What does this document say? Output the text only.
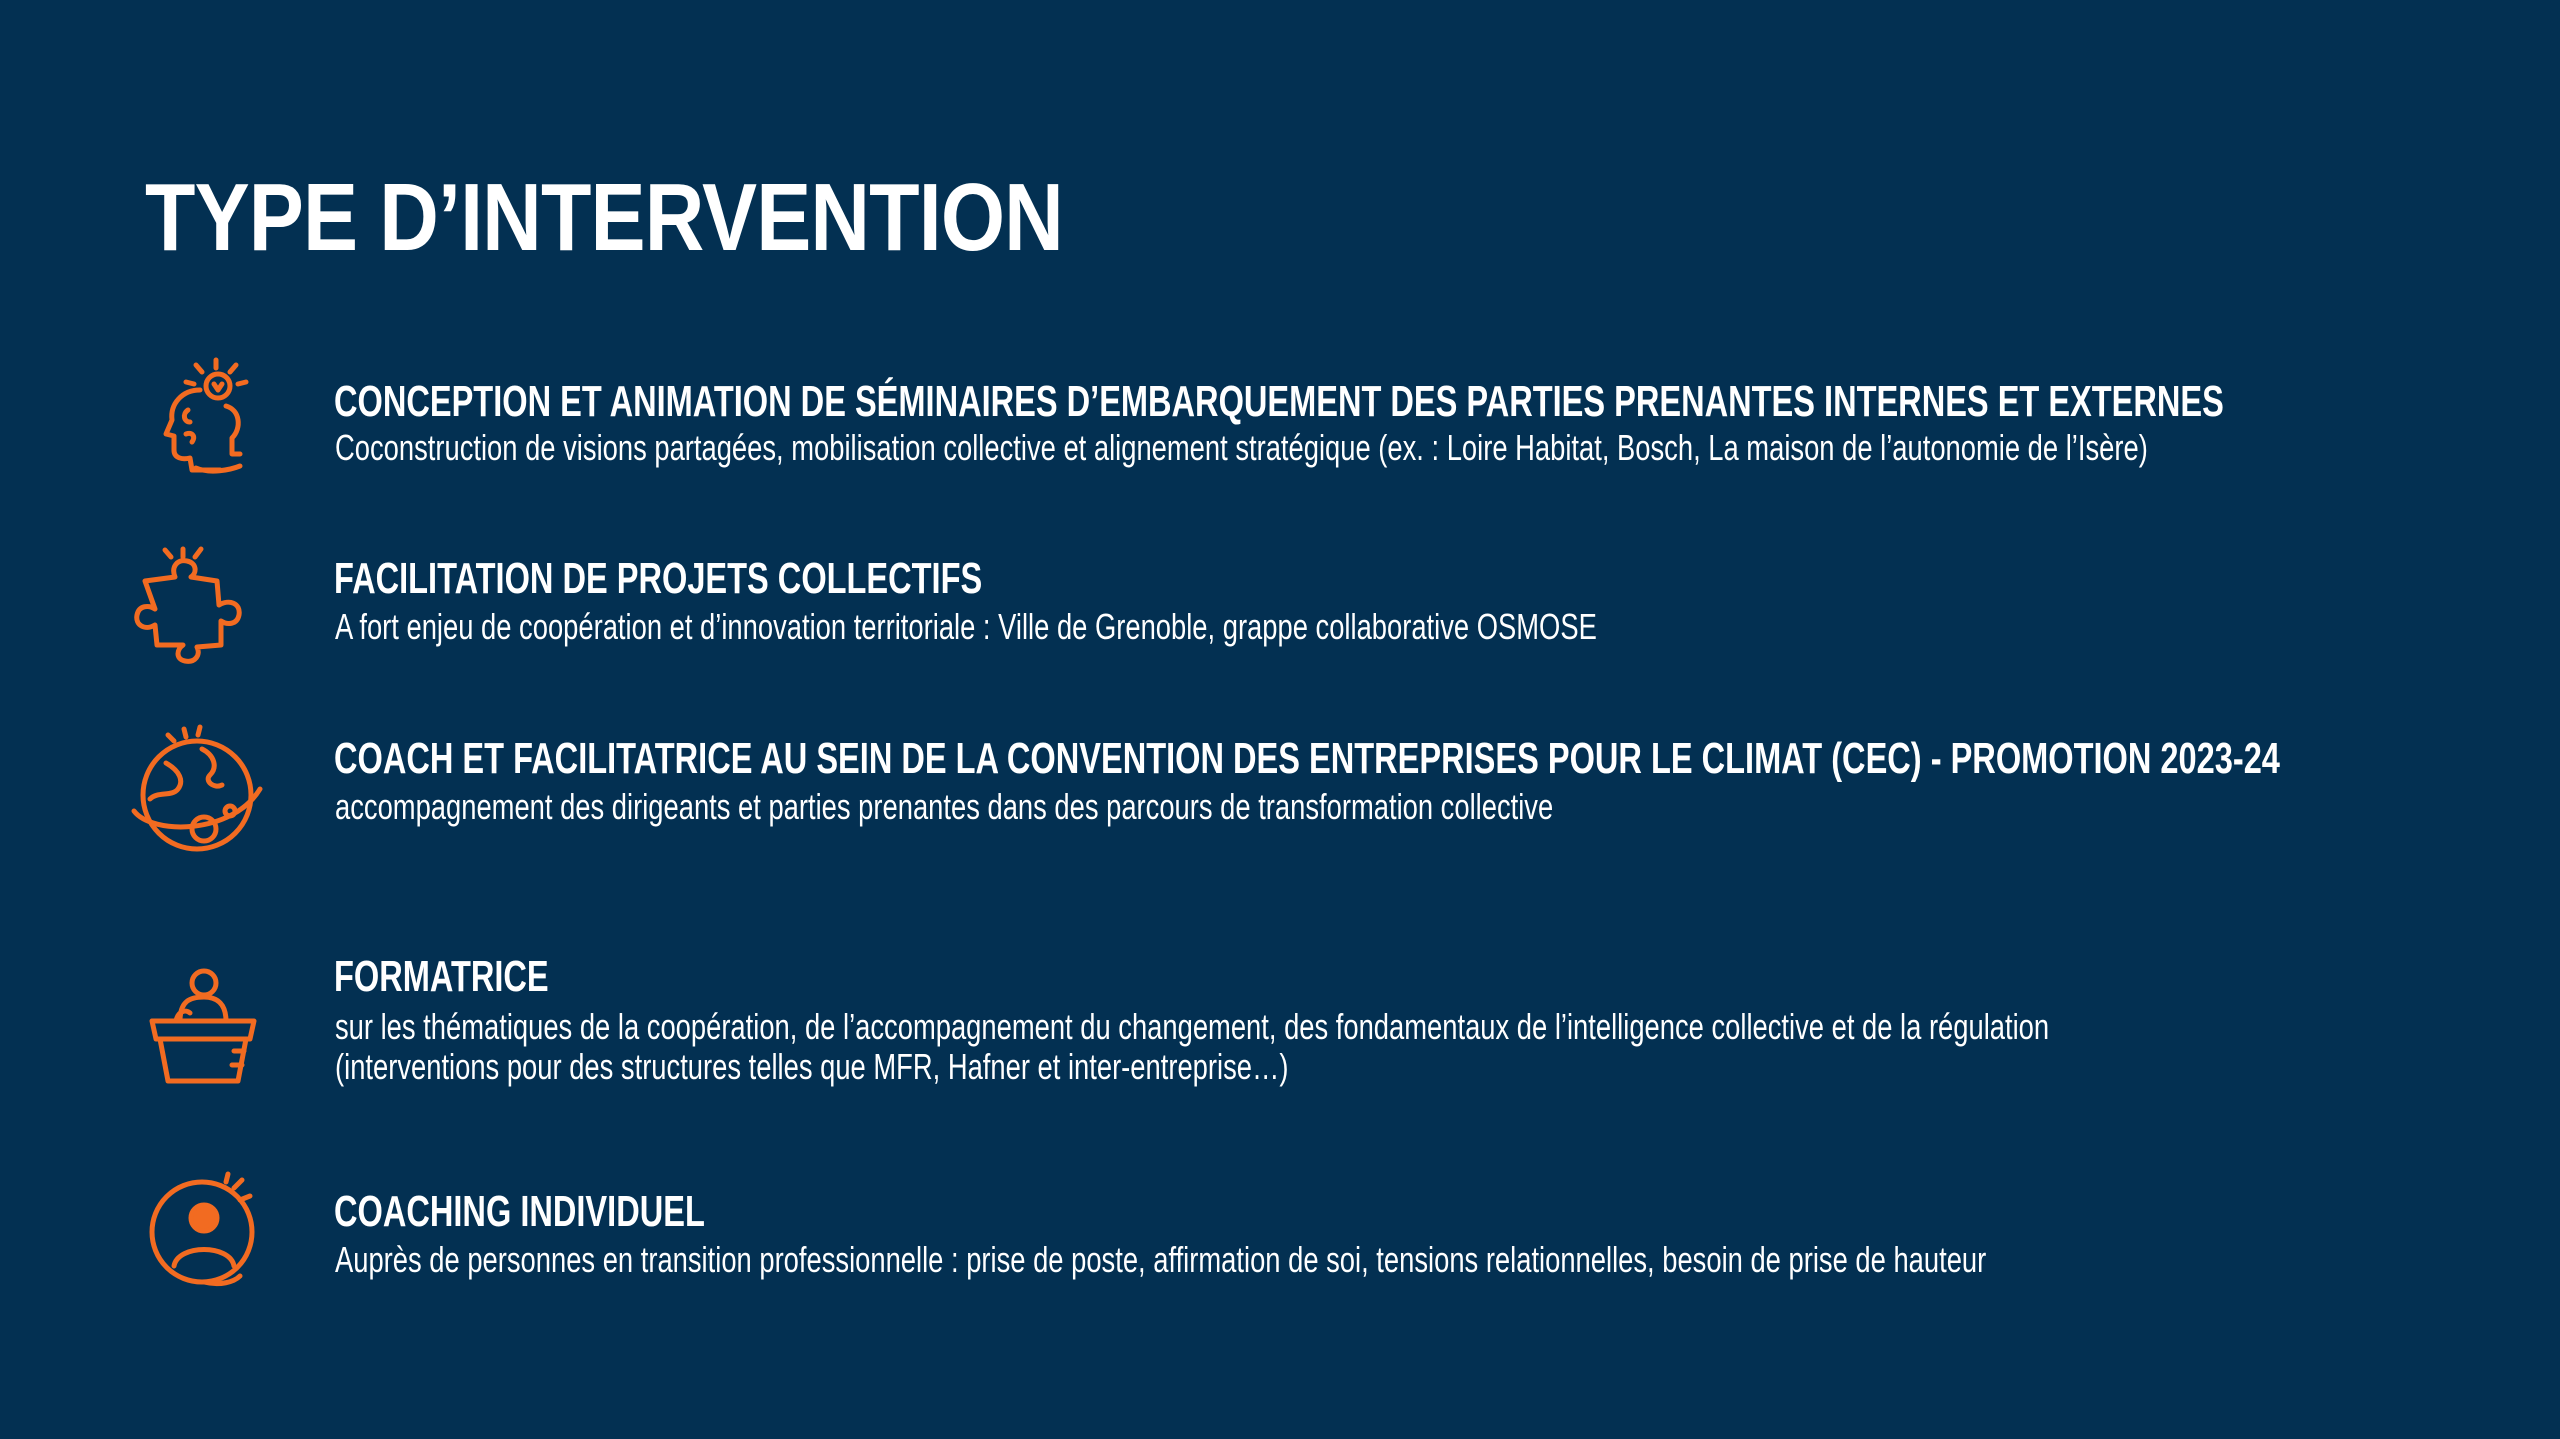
TYPE D’INTERVENTION

CONCEPTION ET ANIMATION DE SÉMINAIRES D’EMBARQUEMENT DES PARTIES PRENANTES INTERNES ET EXTERNES

Coconstruction de visions partagées, mobilisation collective et alignement stratégique (ex. : Loire Habitat, Bosch, La maison de l’autonomie de l’Isère)

FACILITATION DE PROJETS COLLECTIFS

A fort enjeu de coopération et d’innovation territoriale : Ville de Grenoble, grappe collaborative OSMOSE

COACH ET FACILITATRICE AU SEIN DE LA CONVENTION DES ENTREPRISES POUR LE CLIMAT (CEC) - PROMOTION 2023-24

accompagnement des dirigeants et parties prenantes dans des parcours de transformation collective

FORMATRICE

sur les thématiques de la coopération, de l’accompagnement du changement, des fondamentaux de l’intelligence collective et de la régulation
(interventions pour des structures telles que MFR, Hafner et inter-entreprise…)

COACHING INDIVIDUEL

Auprès de personnes en transition professionnelle : prise de poste, affirmation de soi, tensions relationnelles, besoin de prise de hauteur
